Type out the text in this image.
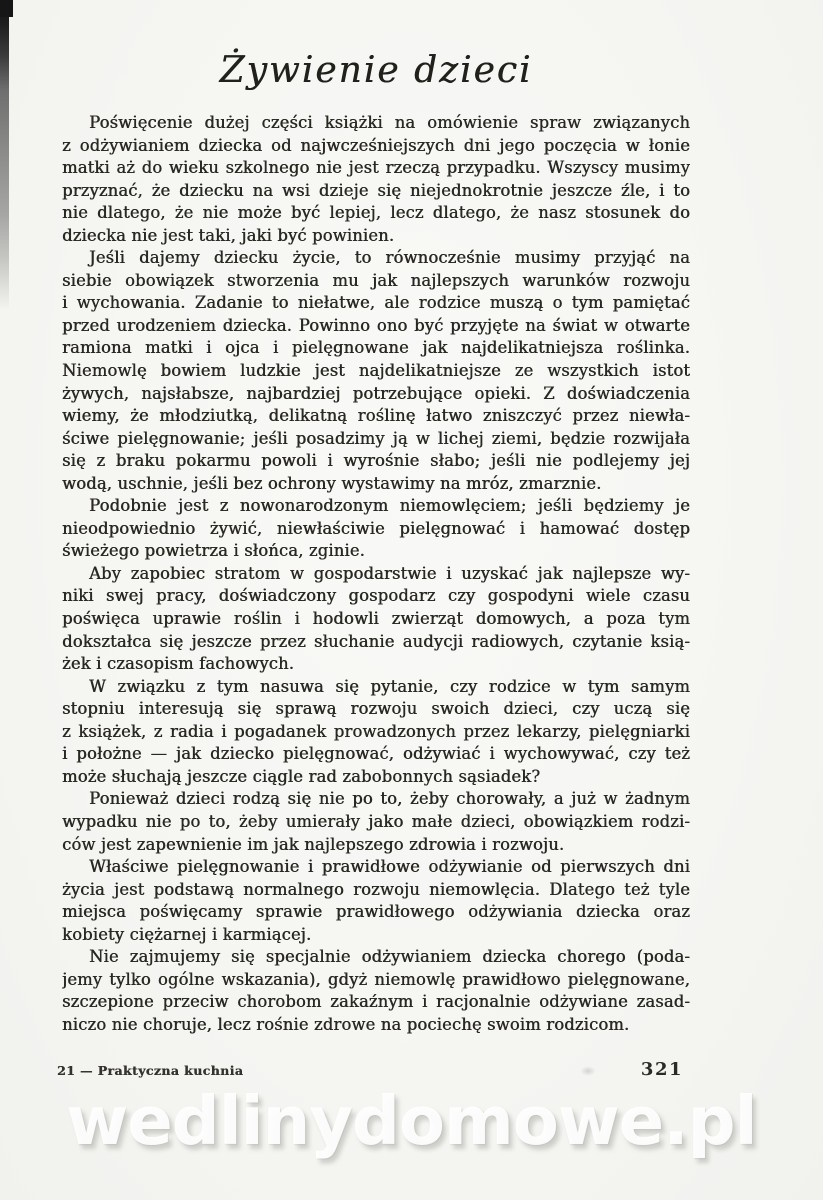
Żywienie dzieci
Poświęcenie dużej części książki na omówienie spraw związanych
z odżywianiem dziecka od najwcześniejszych dni jego poczęcia w łonie
matki aż do wieku szkolnego nie jest rzeczą przypadku. Wszyscy musimy
przyznać, że dziecku na wsi dzieje się niejednokrotnie jeszcze źle, i to
nie dlatego, że nie może być lepiej, lecz dlatego, że nasz stosunek do
dziecka nie jest taki, jaki być powinien.
Jeśli dajemy dziecku życie, to równocześnie musimy przyjąć na
siebie obowiązek stworzenia mu jak najlepszych warunków rozwoju
i wychowania. Zadanie to niełatwe, ale rodzice muszą o tym pamiętać
przed urodzeniem dziecka. Powinno ono być przyjęte na świat w otwarte
ramiona matki i ojca i pielęgnowane jak najdelikatniejsza roślinka.
Niemowlę bowiem ludzkie jest najdelikatniejsze ze wszystkich istot
żywych, najsłabsze, najbardziej potrzebujące opieki. Z doświadczenia
wiemy, że młodziutką, delikatną roślinę łatwo zniszczyć przez niewła-
ściwe pielęgnowanie; jeśli posadzimy ją w lichej ziemi, będzie rozwijała
się z braku pokarmu powoli i wyrośnie słabo; jeśli nie podlejemy jej
wodą, uschnie, jeśli bez ochrony wystawimy na mróz, zmarznie.
Podobnie jest z nowonarodzonym niemowlęciem; jeśli będziemy je
nieodpowiednio żywić, niewłaściwie pielęgnować i hamować dostęp
świeżego powietrza i słońca, zginie.
Aby zapobiec stratom w gospodarstwie i uzyskać jak najlepsze wy-
niki swej pracy, doświadczony gospodarz czy gospodyni wiele czasu
poświęca uprawie roślin i hodowli zwierząt domowych, a poza tym
dokształca się jeszcze przez słuchanie audycji radiowych, czytanie ksią-
żek i czasopism fachowych.
W związku z tym nasuwa się pytanie, czy rodzice w tym samym
stopniu interesują się sprawą rozwoju swoich dzieci, czy uczą się
z książek, z radia i pogadanek prowadzonych przez lekarzy, pielęgniarki
i położne — jak dziecko pielęgnować, odżywiać i wychowywać, czy też
może słuchają jeszcze ciągle rad zabobonnych sąsiadek?
Ponieważ dzieci rodzą się nie po to, żeby chorowały, a już w żadnym
wypadku nie po to, żeby umierały jako małe dzieci, obowiązkiem rodzi-
ców jest zapewnienie im jak najlepszego zdrowia i rozwoju.
Właściwe pielęgnowanie i prawidłowe odżywianie od pierwszych dni
życia jest podstawą normalnego rozwoju niemowlęcia. Dlatego też tyle
miejsca poświęcamy sprawie prawidłowego odżywiania dziecka oraz
kobiety ciężarnej i karmiącej.
Nie zajmujemy się specjalnie odżywianiem dziecka chorego (poda-
jemy tylko ogólne wskazania), gdyż niemowlę prawidłowo pielęgnowane,
szczepione przeciw chorobom zakaźnym i racjonalnie odżywiane zasad-
niczo nie choruje, lecz rośnie zdrowe na pociechę swoim rodzicom.
21 — Praktyczna kuchnia	321
wedlinydomowe.pl
